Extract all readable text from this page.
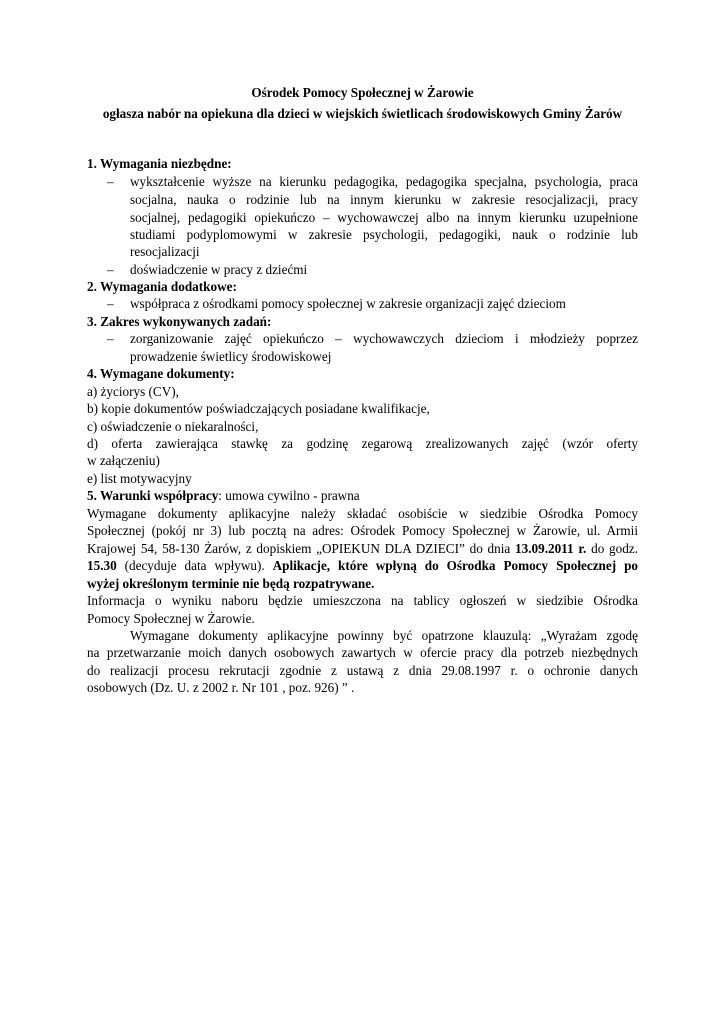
Ośrodek Pomocy Społecznej w Żarowie
ogłasza nabór na opiekuna dla dzieci w wiejskich świetlicach środowiskowych Gminy Żarów
1. Wymagania niezbędne:
– wykształcenie wyższe na kierunku pedagogika, pedagogika specjalna, psychologia, praca
socjalna, nauka o rodzinie lub na innym kierunku w zakresie resocjalizacji, pracy
socjalnej, pedagogiki opiekuńczo – wychowawczej albo na innym kierunku uzupełnione
studiami podyplomowymi w zakresie psychologii, pedagogiki, nauk o rodzinie lub
resocjalizacji
– doświadczenie w pracy z dziećmi
2. Wymagania dodatkowe:
– współpraca z ośrodkami pomocy społecznej w zakresie organizacji zajęć dzieciom
3. Zakres wykonywanych zadań:
– zorganizowanie zajęć opiekuńczo – wychowawczych dzieciom i młodzieży poprzez
prowadzenie świetlicy środowiskowej
4. Wymagane dokumenty:
a) życiorys (CV),
b) kopie dokumentów poświadczających posiadane kwalifikacje,
c) oświadczenie o niekaralności,
d) oferta zawierająca stawkę za godzinę zegarową zrealizowanych zajęć (wzór oferty
w załączeniu)
e) list motywacyjny
5. Warunki współpracy: umowa cywilno - prawna
Wymagane dokumenty aplikacyjne należy składać osobiście w siedzibie Ośrodka Pomocy
Społecznej (pokój nr 3) lub pocztą na adres: Ośrodek Pomocy Społecznej w Żarowie, ul. Armii
Krajowej 54, 58-130 Żarów, z dopiskiem „OPIEKUN DLA DZIECI” do dnia 13.09.2011 r. do godz.
15.30 (decyduje data wpływu). Aplikacje, które wpłyną do Ośrodka Pomocy Społecznej po
wyżej określonym terminie nie będą rozpatrywane.
Informacja o wyniku naboru będzie umieszczona na tablicy ogłoszeń w siedzibie Ośrodka
Pomocy Społecznej w Żarowie.
Wymagane dokumenty aplikacyjne powinny być opatrzone klauzulą: „Wyrażam zgodę
na przetwarzanie moich danych osobowych zawartych w ofercie pracy dla potrzeb niezbędnych
do realizacji procesu rekrutacji zgodnie z ustawą z dnia 29.08.1997 r. o ochronie danych
osobowych (Dz. U. z 2002 r. Nr 101 , poz. 926) ” .
